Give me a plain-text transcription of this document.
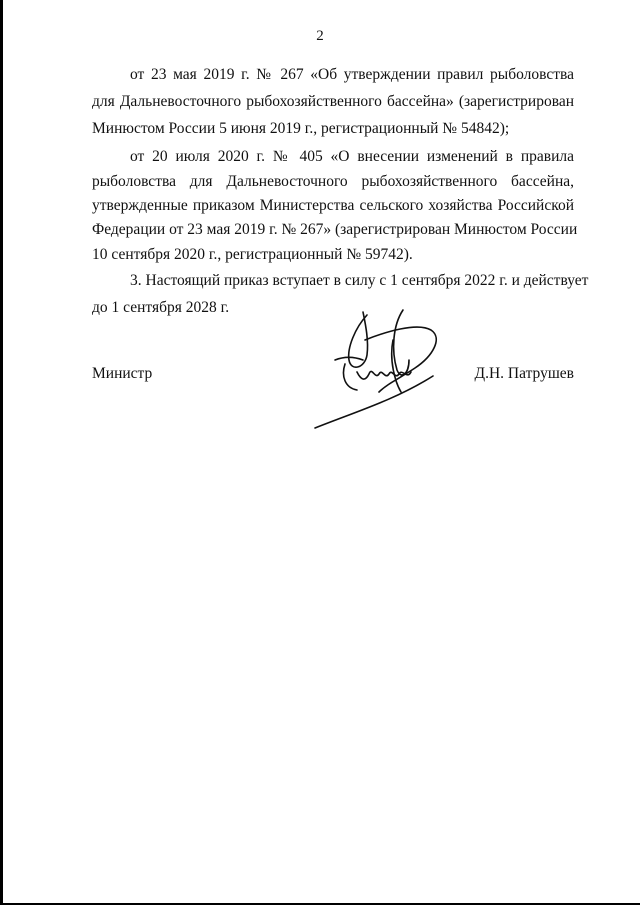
2
от 23 мая 2019 г. № 267 «Об утверждении правил рыболовства
для Дальневосточного рыбохозяйственного бассейна» (зарегистрирован
Минюстом России 5 июня 2019 г., регистрационный № 54842);
от 20 июля 2020 г. № 405 «О внесении изменений в правила
рыболовства для Дальневосточного рыбохозяйственного бассейна,
утвержденные приказом Министерства сельского хозяйства Российской
Федерации от 23 мая 2019 г. № 267» (зарегистрирован Минюстом России
10 сентября 2020 г., регистрационный № 59742).
3. Настоящий приказ вступает в силу с 1 сентября 2022 г. и действует
до 1 сентября 2028 г.
Министр	Д.Н. Патрушев
